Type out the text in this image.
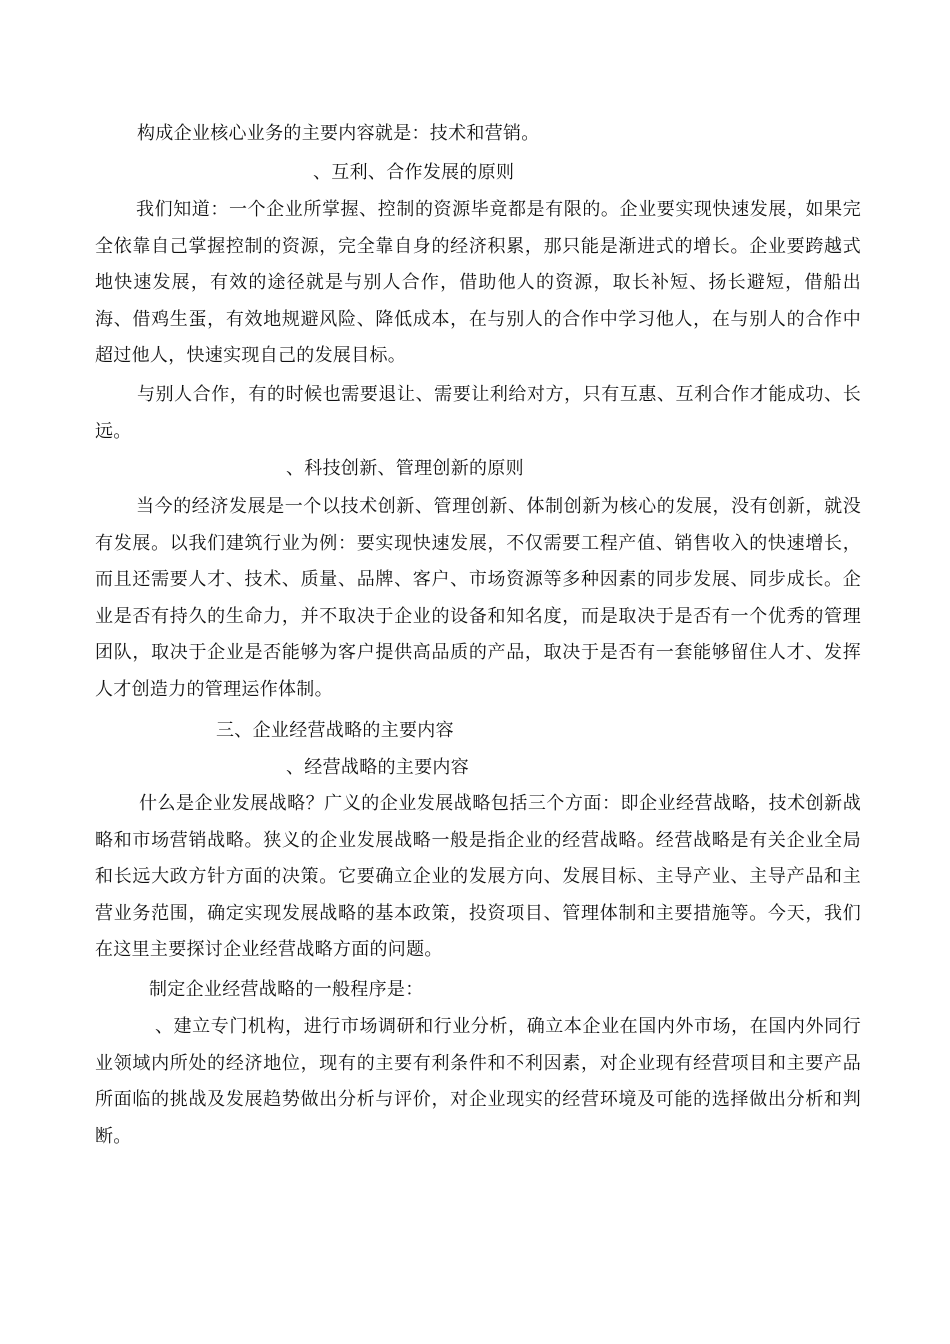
构成企业核心业务的主要内容就是：技术和营销。

、互利、合作发展的原则

我们知道：一个企业所掌握、控制的资源毕竟都是有限的。企业要实现快速发展，如果完全依靠自己掌握控制的资源，完全靠自身的经济积累，那只能是渐进式的增长。企业要跨越式地快速发展，有效的途径就是与别人合作，借助他人的资源，取长补短、扬长避短，借船出海、借鸡生蛋，有效地规避风险、降低成本，在与别人的合作中学习他人，在与别人的合作中超过他人，快速实现自己的发展目标。

与别人合作，有的时候也需要退让、需要让利给对方，只有互惠、互利合作才能成功、长远。

、科技创新、管理创新的原则

当今的经济发展是一个以技术创新、管理创新、体制创新为核心的发展，没有创新，就没有发展。以我们建筑行业为例：要实现快速发展，不仅需要工程产值、销售收入的快速增长，而且还需要人才、技术、质量、品牌、客户、市场资源等多种因素的同步发展、同步成长。企业是否有持久的生命力，并不取决于企业的设备和知名度，而是取决于是否有一个优秀的管理团队，取决于企业是否能够为客户提供高品质的产品，取决于是否有一套能够留住人才、发挥人才创造力的管理运作体制。

三、企业经营战略的主要内容

、经营战略的主要内容

什么是企业发展战略？广义的企业发展战略包括三个方面：即企业经营战略，技术创新战略和市场营销战略。狭义的企业发展战略一般是指企业的经营战略。经营战略是有关企业全局和长远大政方针方面的决策。它要确立企业的发展方向、发展目标、主导产业、主导产品和主营业务范围，确定实现发展战略的基本政策，投资项目、管理体制和主要措施等。今天，我们在这里主要探讨企业经营战略方面的问题。

制定企业经营战略的一般程序是：

、建立专门机构，进行市场调研和行业分析，确立本企业在国内外市场，在国内外同行业领域内所处的经济地位，现有的主要有利条件和不利因素，对企业现有经营项目和主要产品所面临的挑战及发展趋势做出分析与评价，对企业现实的经营环境及可能的选择做出分析和判断。
